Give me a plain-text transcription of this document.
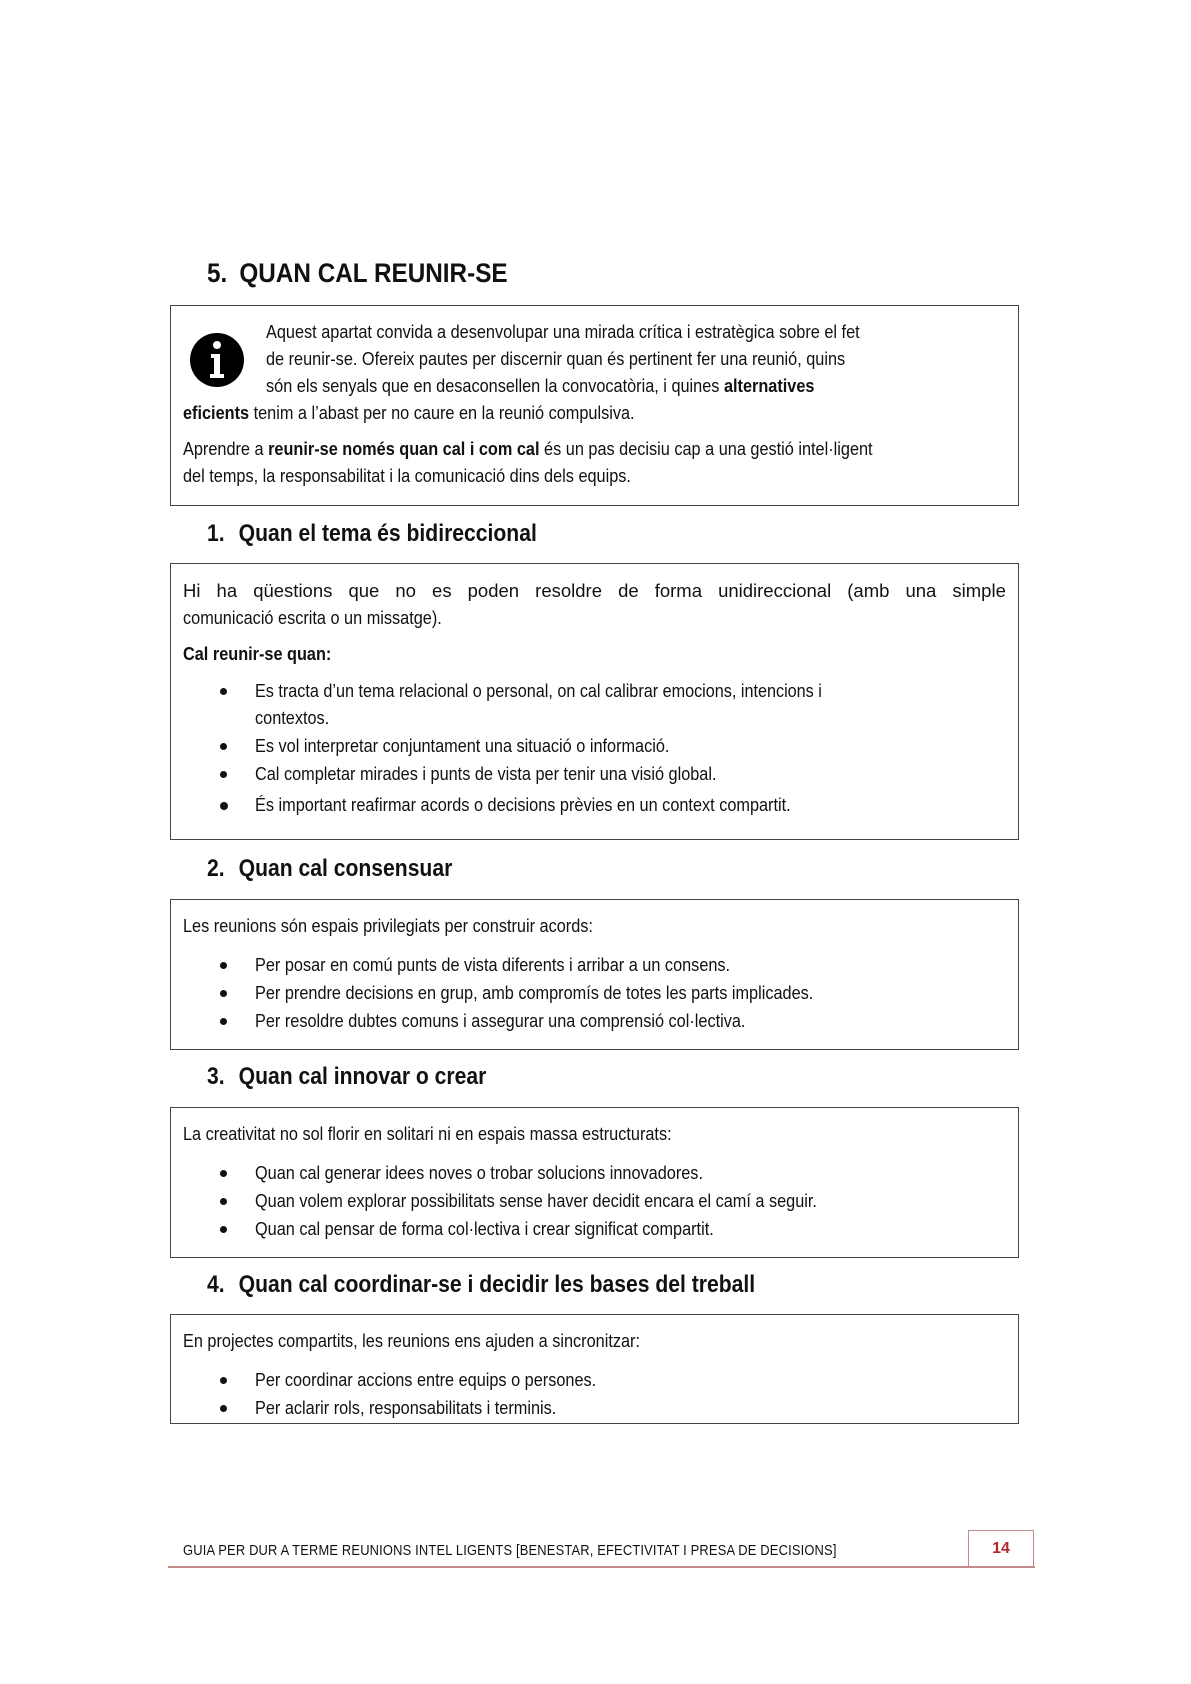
5. QUAN CAL REUNIR-SE
Aquest apartat convida a desenvolupar una mirada crítica i estratègica sobre el fet
de reunir-se. Ofereix pautes per discernir quan és pertinent fer una reunió, quins
són els senyals que en desaconsellen la convocatòria, i quines alternatives
eficients tenim a l’abast per no caure en la reunió compulsiva.
Aprendre a reunir-se només quan cal i com cal és un pas decisiu cap a una gestió intel·ligent
del temps, la responsabilitat i la comunicació dins dels equips.
1. Quan el tema és bidireccional
Hi ha qüestions que no es poden resoldre de forma unidireccional (amb una simple
comunicació escrita o un missatge).
Cal reunir-se quan:
Es tracta d’un tema relacional o personal, on cal calibrar emocions, intencions i
contextos.
Es vol interpretar conjuntament una situació o informació.
Cal completar mirades i punts de vista per tenir una visió global.
És important reafirmar acords o decisions prèvies en un context compartit.
2. Quan cal consensuar
Les reunions són espais privilegiats per construir acords:
Per posar en comú punts de vista diferents i arribar a un consens.
Per prendre decisions en grup, amb compromís de totes les parts implicades.
Per resoldre dubtes comuns i assegurar una comprensió col·lectiva.
3. Quan cal innovar o crear
La creativitat no sol florir en solitari ni en espais massa estructurats:
Quan cal generar idees noves o trobar solucions innovadores.
Quan volem explorar possibilitats sense haver decidit encara el camí a seguir.
Quan cal pensar de forma col·lectiva i crear significat compartit.
4. Quan cal coordinar-se i decidir les bases del treball
En projectes compartits, les reunions ens ajuden a sincronitzar:
Per coordinar accions entre equips o persones.
Per aclarir rols, responsabilitats i terminis.
GUIA PER DUR A TERME REUNIONS INTEL LIGENTS [BENESTAR, EFECTIVITAT I PRESA DE DECISIONS]	14
